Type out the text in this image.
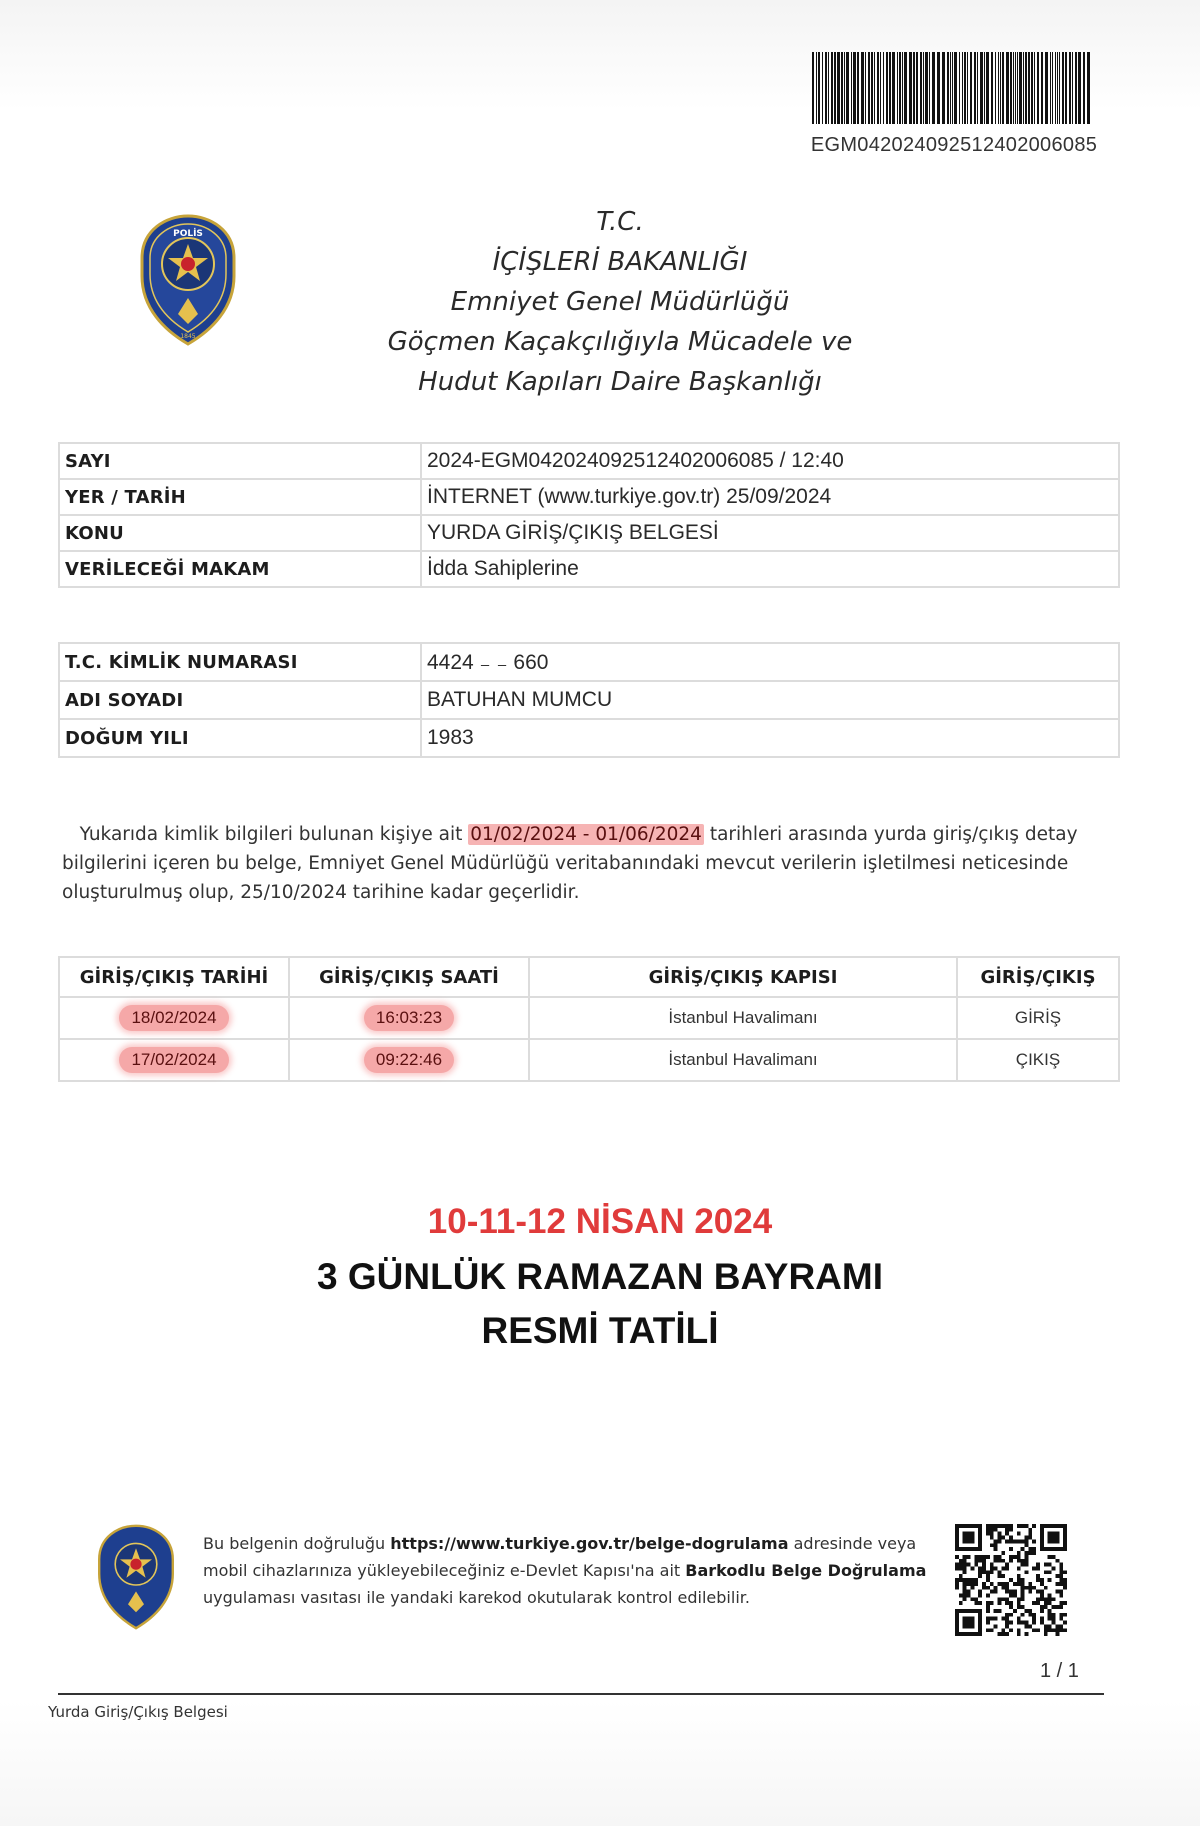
EGM042024092512402006085
POLİS
1845
T.C.
İÇİŞLERİ BAKANLIĞI
Emniyet Genel Müdürlüğü
Göçmen Kaçakçılığıyla Mücadele ve
Hudut Kapıları Daire Başkanlığı
SAYI	2024-EGM042024092512402006085 / 12:40
YER / TARİH	İNTERNET (www.turkiye.gov.tr) 25/09/2024
KONU	YURDA GİRİŞ/ÇIKIŞ BELGESİ
VERİLECEĞİ MAKAM	İdda Sahiplerine
T.C. KİMLİK NUMARASI	4424 ₋ ₋ 660
ADI SOYADI	BATUHAN MUMCU
DOĞUM YILI	1983
Yukarıda kimlik bilgileri bulunan kişiye ait 01/02/2024 - 01/06/2024 tarihleri arasında yurda giriş/çıkış detay bilgilerini içeren bu belge, Emniyet Genel Müdürlüğü veritabanındaki mevcut verilerin işletilmesi neticesinde oluşturulmuş olup, 25/10/2024 tarihine kadar geçerlidir.
GİRİŞ/ÇIKIŞ TARİHİ	GİRİŞ/ÇIKIŞ SAATİ	GİRİŞ/ÇIKIŞ KAPISI	GİRİŞ/ÇIKIŞ
18/02/2024	16:03:23	İstanbul Havalimanı	GİRİŞ
17/02/2024	09:22:46	İstanbul Havalimanı	ÇIKIŞ
10-11-12 NİSAN 2024
3 GÜNLÜK RAMAZAN BAYRAMI
RESMİ TATİLİ
Bu belgenin doğruluğu https://www.turkiye.gov.tr/belge-dogrulama adresinde veya mobil cihazlarınıza yükleyebileceğiniz e-Devlet Kapısı'na ait Barkodlu Belge Doğrulama uygulaması vasıtası ile yandaki karekod okutularak kontrol edilebilir.
1 / 1
Yurda Giriş/Çıkış Belgesi
